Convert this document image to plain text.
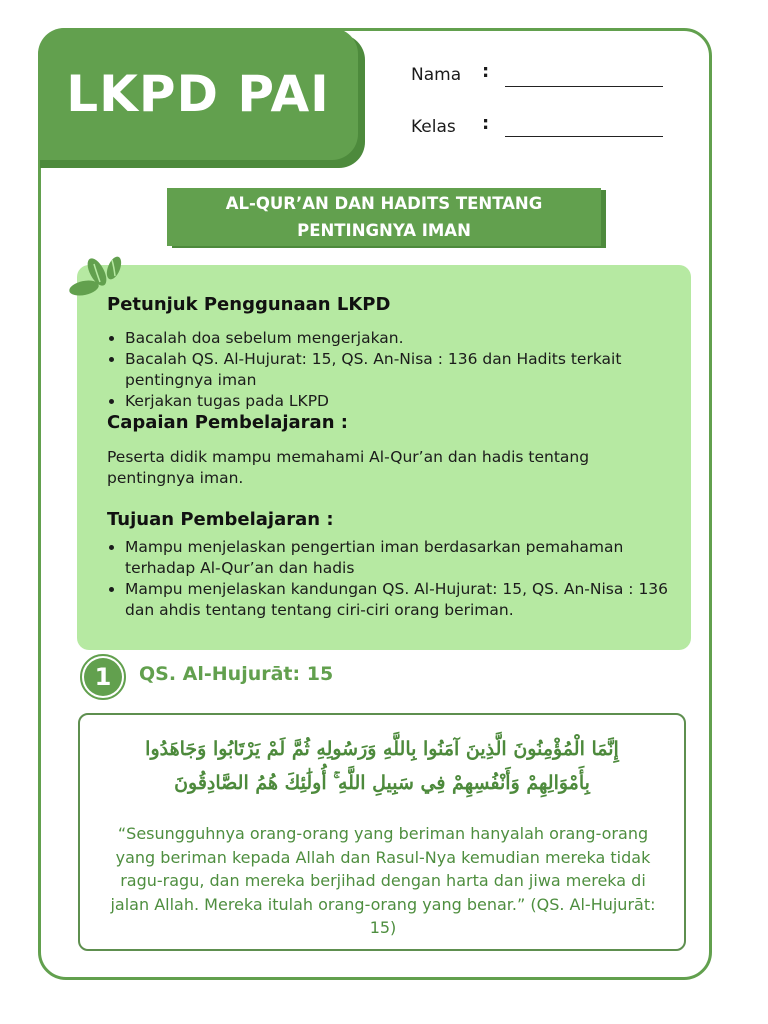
LKPD PAI	Nama :
Kelas :
AL-QUR’AN DAN HADITS TENTANG
PENTINGNYA IMAN
Petunjuk Penggunaan LKPD
• Bacalah doa sebelum mengerjakan.
• Bacalah QS. Al-Hujurat: 15, QS. An-Nisa : 136 dan Hadits terkait pentingnya iman
• Kerjakan tugas pada LKPD
Capaian Pembelajaran :

Peserta didik mampu memahami Al-Qur’an dan hadis tentang pentingnya iman.

Tujuan Pembelajaran :
• Mampu menjelaskan pengertian iman berdasarkan pemahaman terhadap Al-Qur’an dan hadis
• Mampu menjelaskan kandungan QS. Al-Hujurat: 15, QS. An-Nisa : 136 dan ahdis tentang tentang ciri-ciri orang beriman.
1	QS. Al-Hujurāt: 15
إِنَّمَا الْمُؤْمِنُونَ الَّذِينَ آمَنُوا بِاللَّهِ وَرَسُولِهِ ثُمَّ لَمْ يَرْتَابُوا وَجَاهَدُوا
بِأَمْوَالِهِمْ وَأَنْفُسِهِمْ فِي سَبِيلِ اللَّهِ ۚ أُولَٰئِكَ هُمُ الصَّادِقُونَ

“Sesungguhnya orang-orang yang beriman hanyalah orang-orang yang beriman kepada Allah dan Rasul-Nya kemudian mereka tidak ragu-ragu, dan mereka berjihad dengan harta dan jiwa mereka di jalan Allah. Mereka itulah orang-orang yang benar.” (QS. Al-Hujurāt: 15)
